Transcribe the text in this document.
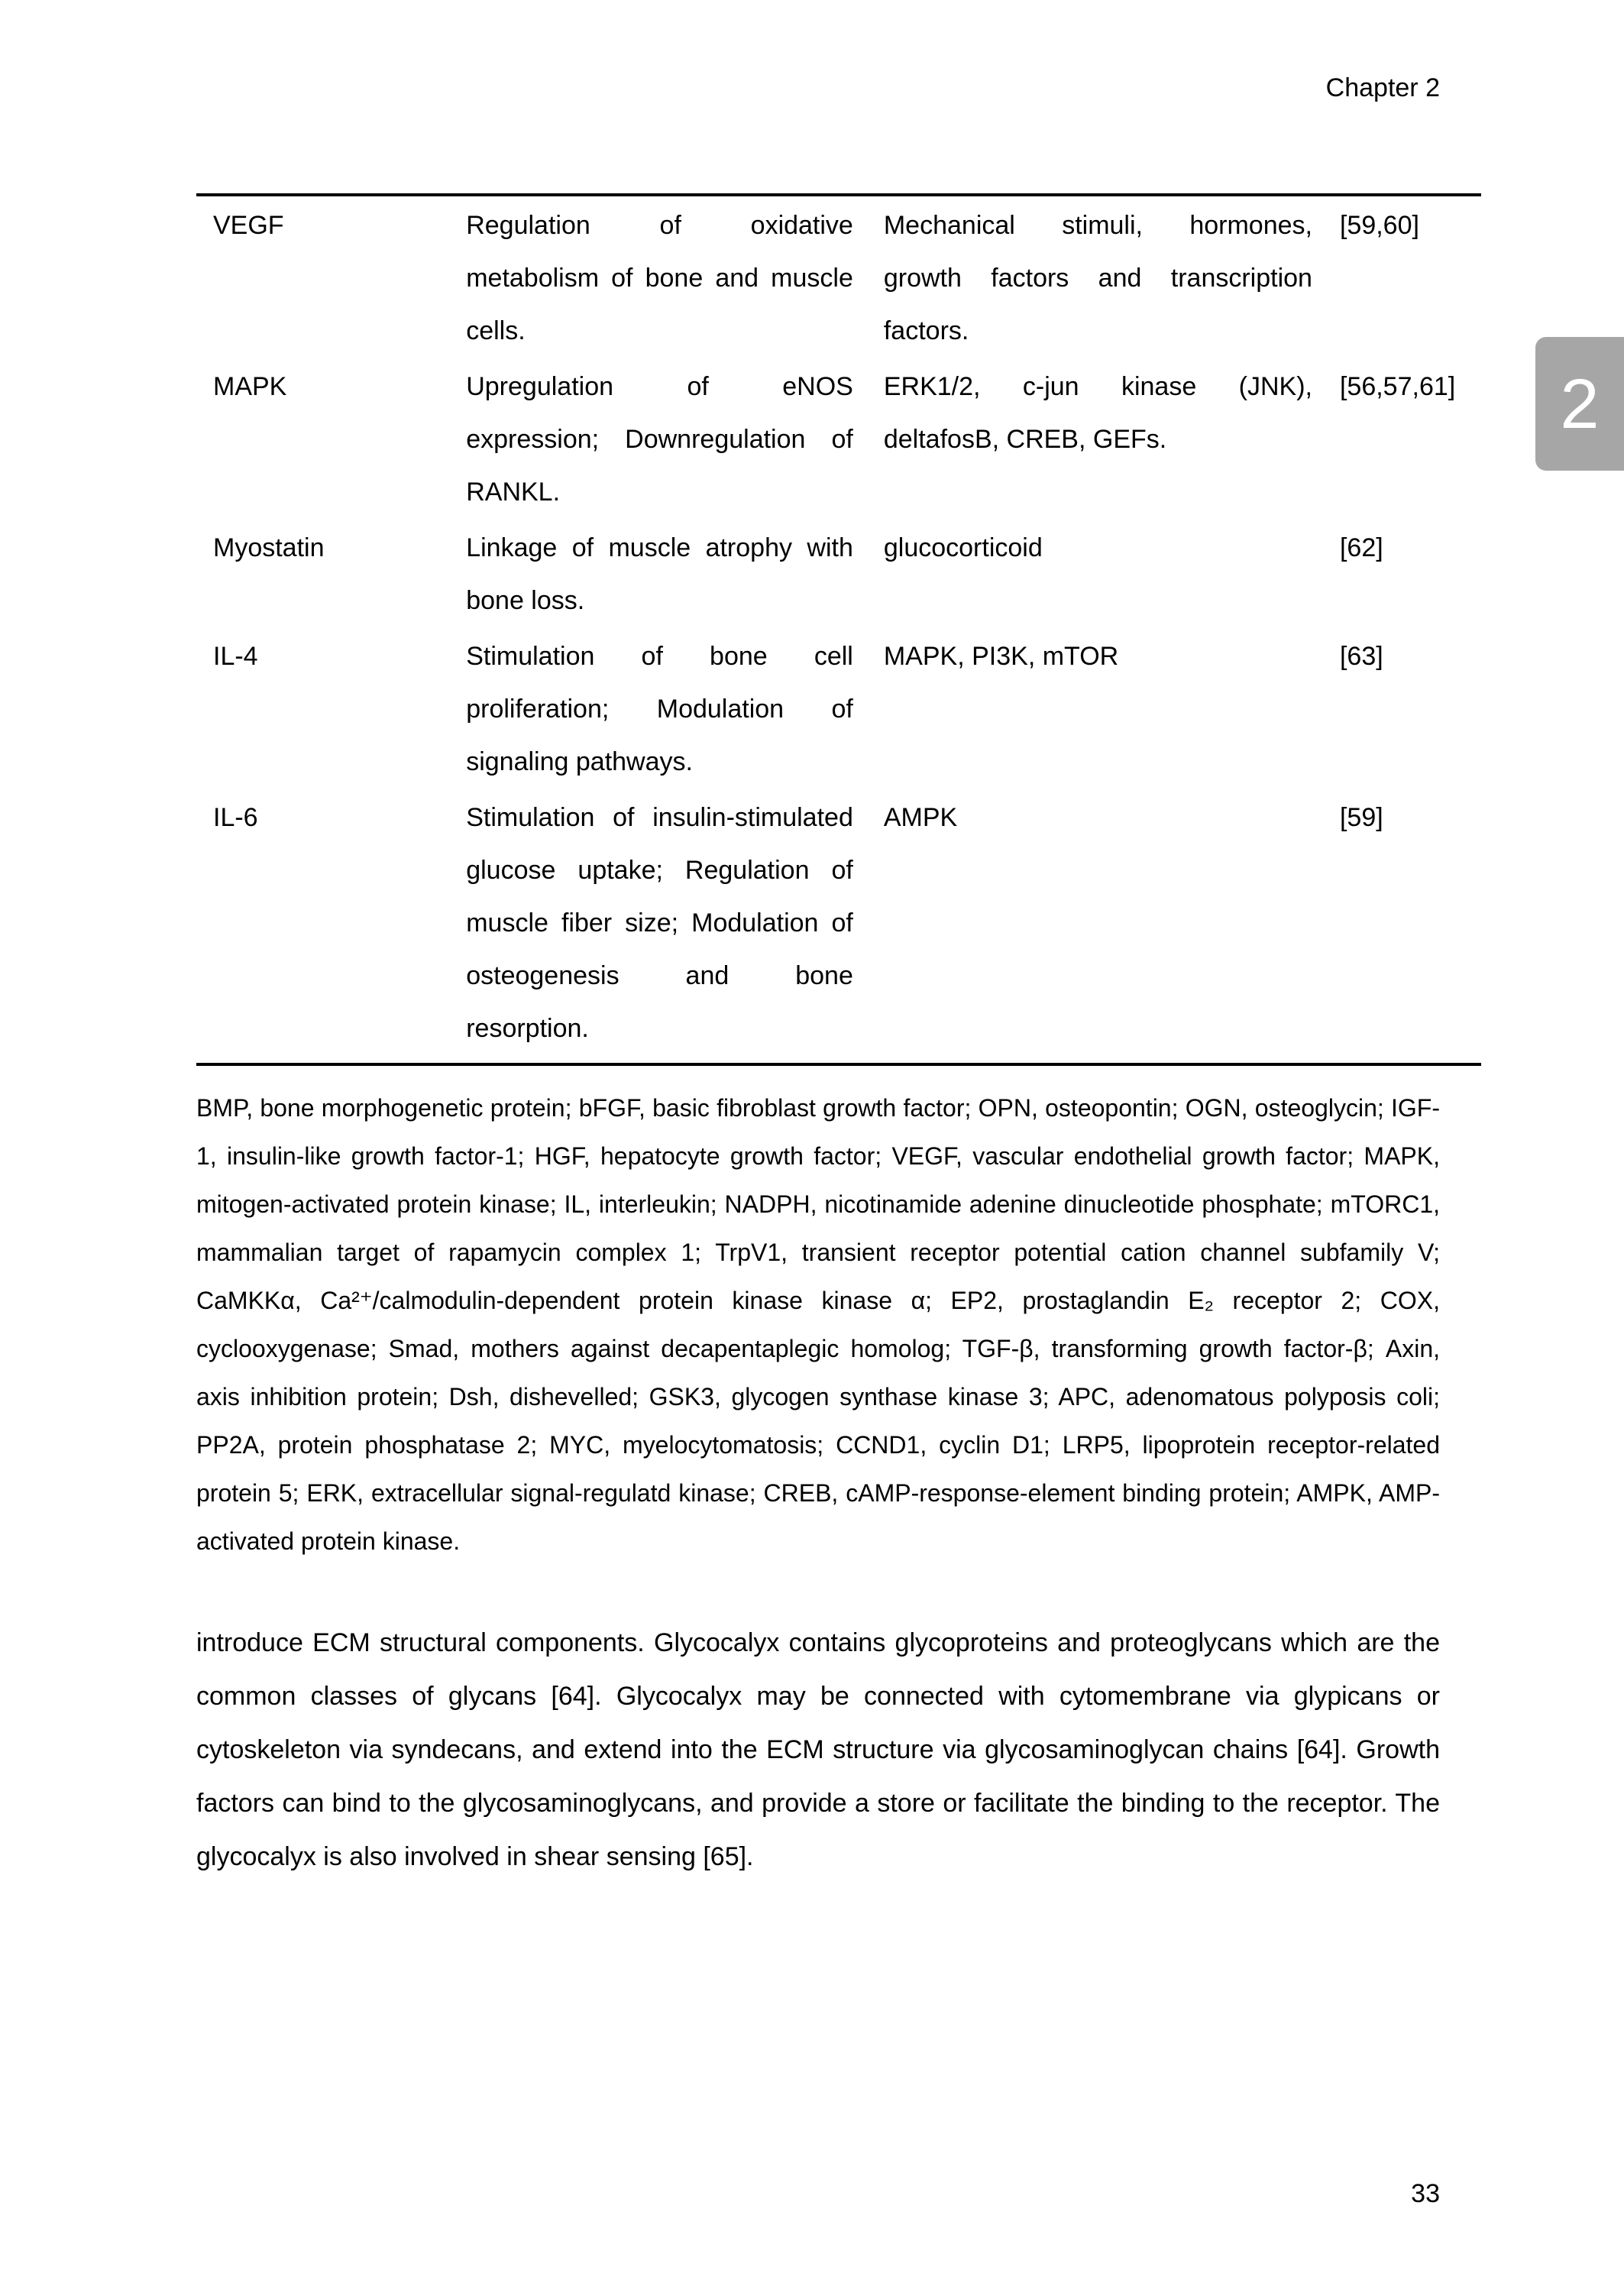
Chapter 2
2
VEGF	Regulation of oxidative metabolism of bone and muscle cells.	Mechanical stimuli, hormones, growth factors and transcription factors.	[59,60]
MAPK	Upregulation of eNOS expression; Downregulation of RANKL.	ERK1/2, c-jun kinase (JNK), deltafosB, CREB, GEFs.	[56,57,61]
Myostatin	Linkage of muscle atrophy with bone loss.	glucocorticoid	[62]
IL-4	Stimulation of bone cell proliferation; Modulation of signaling pathways.	MAPK, PI3K, mTOR	[63]
IL-6	Stimulation of insulin-stimulated glucose uptake; Regulation of muscle fiber size; Modulation of osteogenesis and bone resorption.	AMPK	[59]

BMP, bone morphogenetic protein; bFGF, basic fibroblast growth factor; OPN, osteopontin; OGN, osteoglycin; IGF-1, insulin-like growth factor-1; HGF, hepatocyte growth factor; VEGF, vascular endothelial growth factor; MAPK, mitogen-activated protein kinase; IL, interleukin; NADPH, nicotinamide adenine dinucleotide phosphate; mTORC1, mammalian target of rapamycin complex 1; TrpV1, transient receptor potential cation channel subfamily V; CaMKKα, Ca²⁺/calmodulin-dependent protein kinase kinase α; EP2, prostaglandin E₂ receptor 2; COX, cyclooxygenase; Smad, mothers against decapentaplegic homolog; TGF-β, transforming growth factor-β; Axin, axis inhibition protein; Dsh, dishevelled; GSK3, glycogen synthase kinase 3; APC, adenomatous polyposis coli; PP2A, protein phosphatase 2; MYC, myelocytomatosis; CCND1, cyclin D1; LRP5, lipoprotein receptor-related protein 5; ERK, extracellular signal-regulatd kinase; CREB, cAMP-response-element binding protein; AMPK, AMP-activated protein kinase.

introduce ECM structural components. Glycocalyx contains glycoproteins and proteoglycans which are the common classes of glycans [64]. Glycocalyx may be connected with cytomembrane via glypicans or cytoskeleton via syndecans, and extend into the ECM structure via glycosaminoglycan chains [64]. Growth factors can bind to the glycosaminoglycans, and provide a store or facilitate the binding to the receptor. The glycocalyx is also involved in shear sensing [65].

33
